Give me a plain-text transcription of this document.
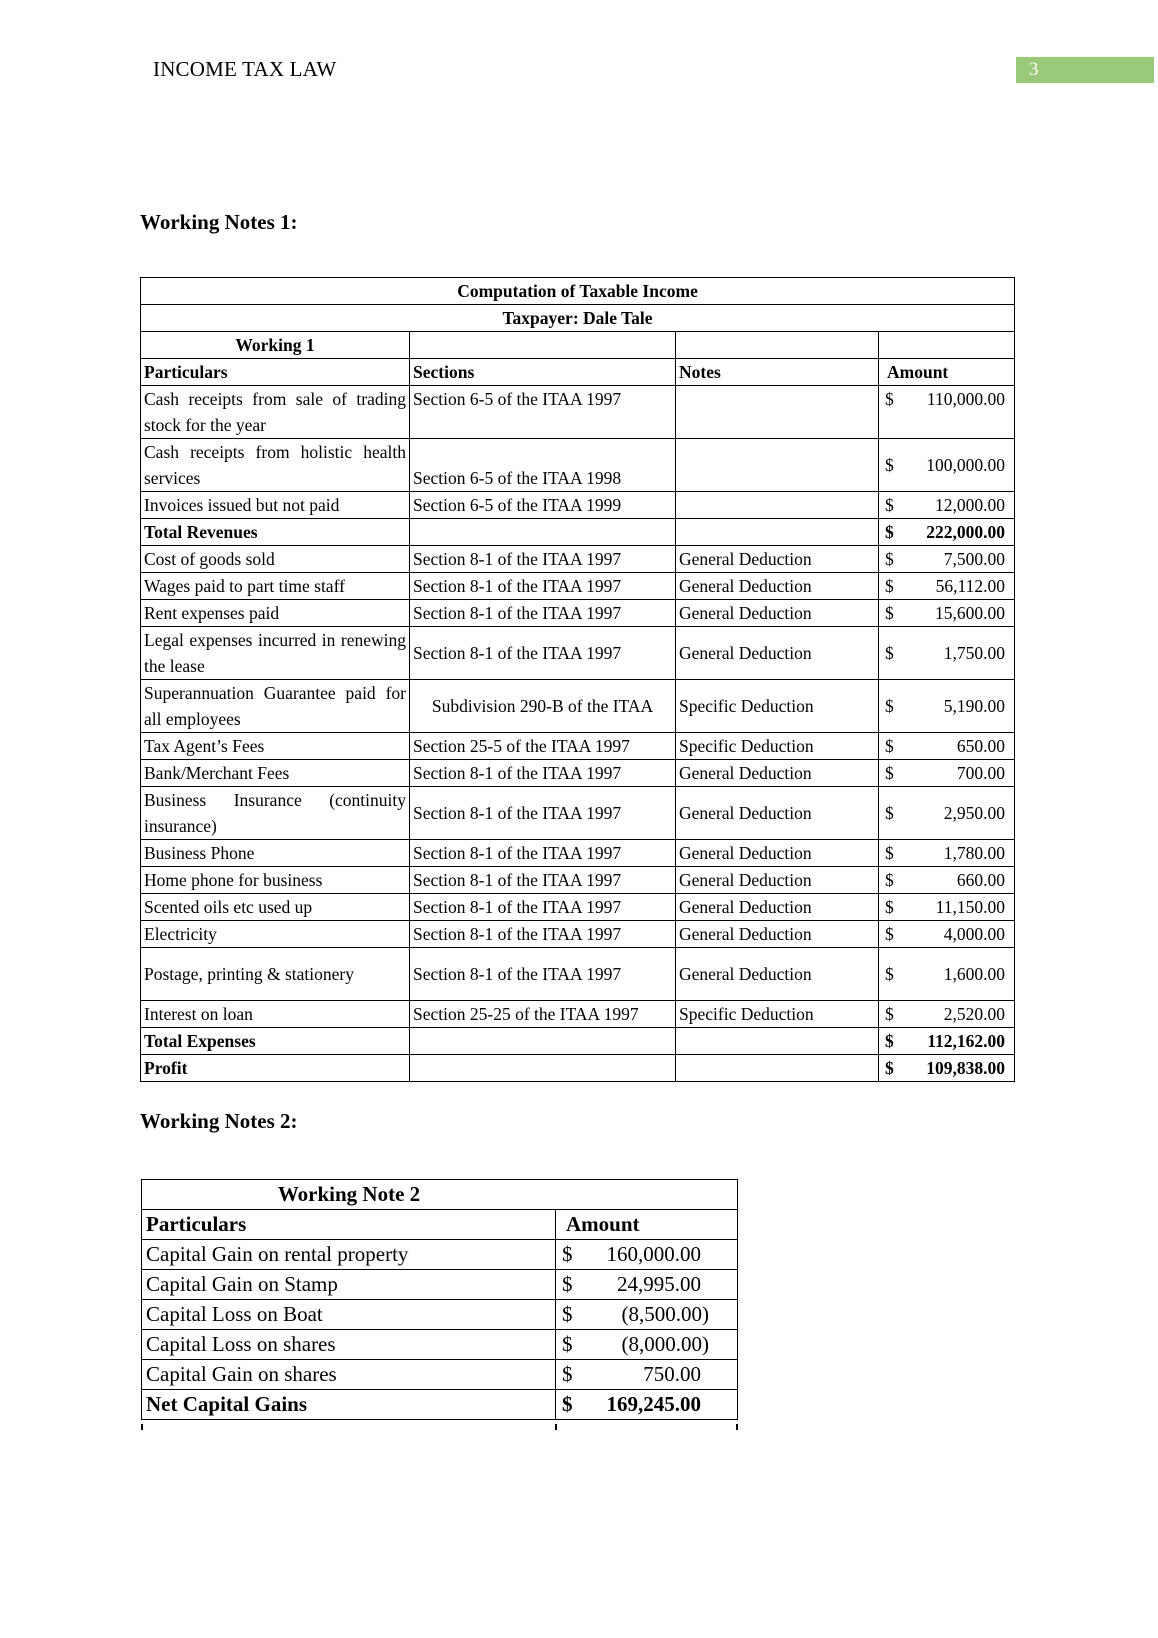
INCOME TAX LAW	3
Working Notes 1:
Computation of Taxable Income			
Taxpayer: Dale Tale			
Working 1			
Particulars	Sections	Notes	Amount
Cash receipts from sale of trading stock for the year	Section 6-5 of the ITAA 1997		$ 110,000.00

Cash receipts from holistic health services	Section 6-5 of the ITAA 1998		$ 100,000.00

Invoices issued but not paid	Section 6-5 of the ITAA 1999		$ 12,000.00

Total Revenues			$ 222,000.00

Cost of goods sold	Section 8-1 of the ITAA 1997	General Deduction	$ 7,500.00

Wages paid to part time staff	Section 8-1 of the ITAA 1997	General Deduction	$ 56,112.00

Rent expenses paid	Section 8-1 of the ITAA 1997	General Deduction	$ 15,600.00

Legal expenses incurred in renewing the lease	Section 8-1 of the ITAA 1997	General Deduction	$ 1,750.00

Superannuation Guarantee paid for all employees	Subdivision 290-B of the ITAA	Specific Deduction	$ 5,190.00

Tax Agent’s Fees	Section 25-5 of the ITAA 1997	Specific Deduction	$ 650.00

Bank/Merchant Fees	Section 8-1 of the ITAA 1997	General Deduction	$ 700.00

Business Insurance (continuity insurance)	Section 8-1 of the ITAA 1997	General Deduction	$ 2,950.00

Business Phone	Section 8-1 of the ITAA 1997	General Deduction	$ 1,780.00

Home phone for business	Section 8-1 of the ITAA 1997	General Deduction	$ 660.00

Scented oils etc used up	Section 8-1 of the ITAA 1997	General Deduction	$ 11,150.00

Electricity	Section 8-1 of the ITAA 1997	General Deduction	$ 4,000.00

Postage, printing & stationery	Section 8-1 of the ITAA 1997	General Deduction	$ 1,600.00

Interest on loan	Section 25-25 of the ITAA 1997	Specific Deduction	$ 2,520.00

Total Expenses			$ 112,162.00

Profit			$ 109,838.00
Working Notes 2:
Working Note 2	
Particulars	Amount
Capital Gain on rental property	$ 160,000.00

Capital Gain on Stamp	$ 24,995.00

Capital Loss on Boat	$ (8,500.00)

Capital Loss on shares	$ (8,000.00)

Capital Gain on shares	$ 750.00

Net Capital Gains	$ 169,245.00
